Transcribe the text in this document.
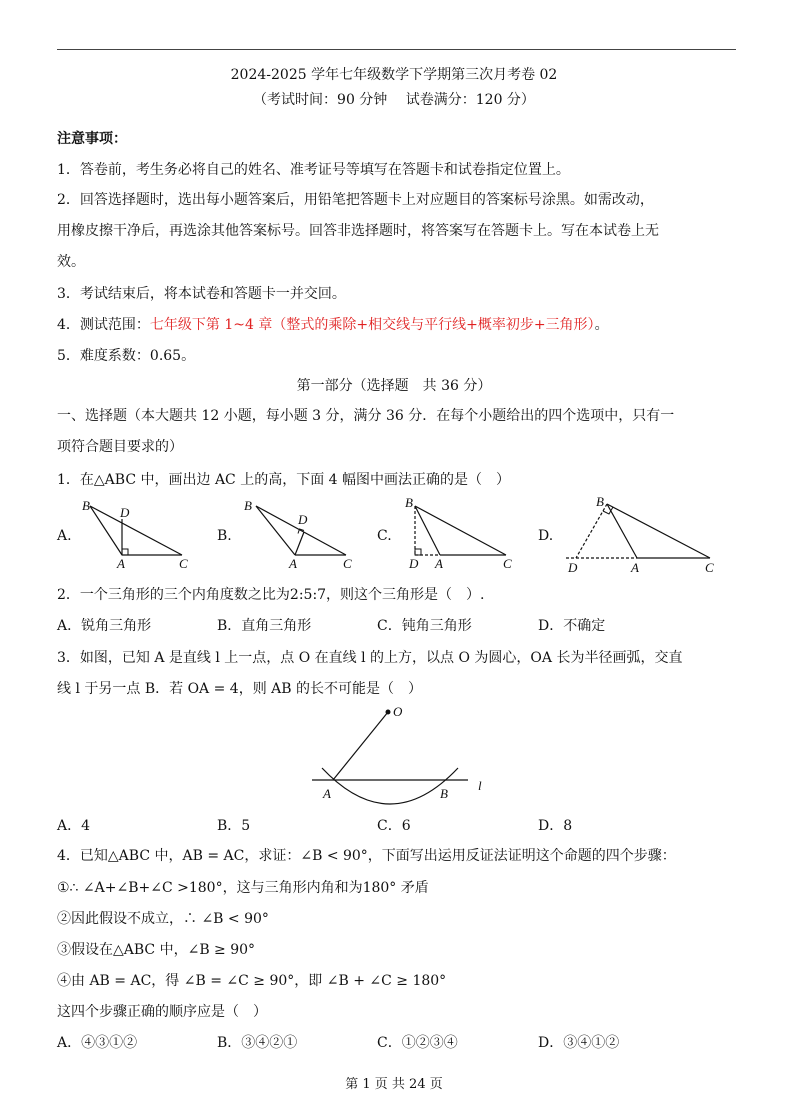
2024-2025 学年七年级数学下学期第三次月考卷 02
（考试时间：90 分钟　 试卷满分：120 分）
注意事项：
1．答卷前，考生务必将自己的姓名、准考证号等填写在答题卡和试卷指定位置上。
2．回答选择题时，选出每小题答案后，用铅笔把答题卡上对应题目的答案标号涂黑。如需改动，
用橡皮擦干净后，再选涂其他答案标号。回答非选择题时，将答案写在答题卡上。写在本试卷上无
效。
3．考试结束后，将本试卷和答题卡一并交回。
4．测试范围：七年级下第 1~4 章（整式的乘除+相交线与平行线+概率初步+三角形）。
5．难度系数：0.65。
第一部分（选择题　共 36 分）
一、选择题（本大题共 12 小题，每小题 3 分，满分 36 分．在每个小题给出的四个选项中，只有一
项符合题目要求的）
1．在△ABC 中，画出边 AC 上的高，下面 4 幅图中画法正确的是（　）
A.
B D
A	C
B.
B
D
A	C
C.
B
D A	C
D.
B
D	A	C
2．一个三角形的三个内角度数之比为2:5:7，则这个三角形是（　）.
A．锐角三角形	B．直角三角形	C．钝角三角形	D．不确定
3．如图，已知 A 是直线 l 上一点，点 O 在直线 l 的上方，以点 O 为圆心，OA 长为半径画弧，交直
线 l 于另一点 B．若 OA = 4，则 AB 的长不可能是（　）
O
A	B
l
A．4	B．5	C．6	D．8
4．已知△ABC 中，AB = AC，求证：∠B < 90°，下面写出运用反证法证明这个命题的四个步骤：
①∴ ∠A+∠B+∠C >180°，这与三角形内角和为180° 矛盾
②因此假设不成立，∴ ∠B < 90°
③假设在△ABC 中，∠B ≥ 90°
④由 AB = AC，得 ∠B = ∠C ≥ 90°，即 ∠B + ∠C ≥ 180°
这四个步骤正确的顺序应是（　）
A．④③①②	B．③④②①	C．①②③④	D．③④①②
第 1 页 共 24 页
